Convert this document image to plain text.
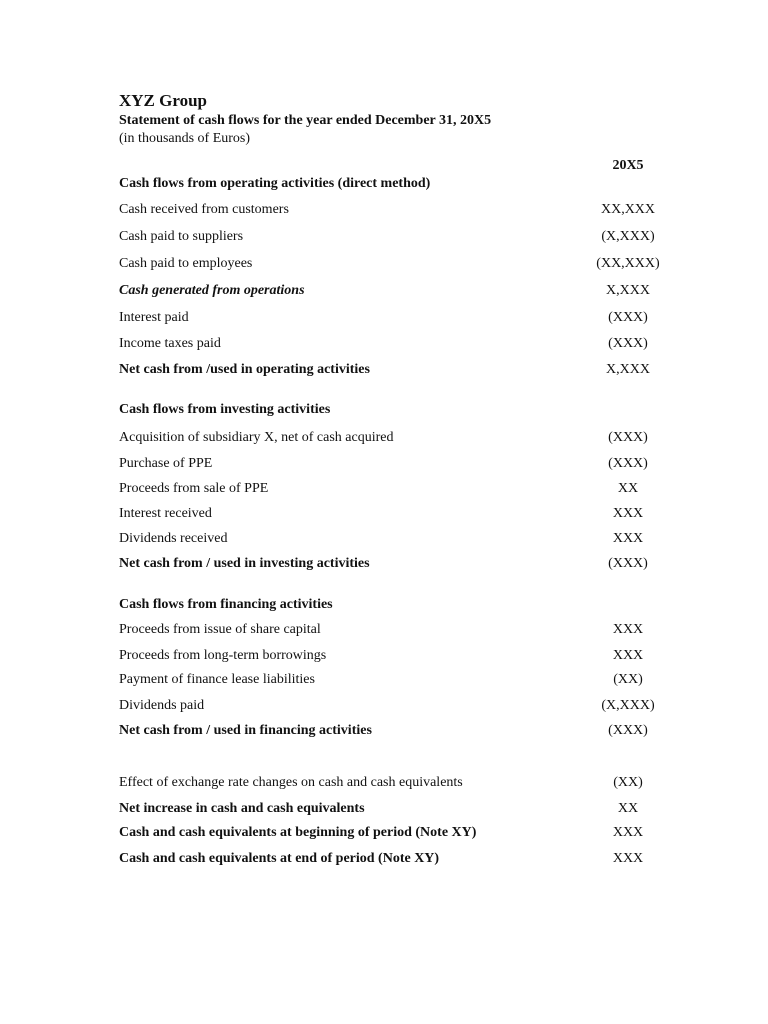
XYZ Group
Statement of cash flows for the year ended December 31, 20X5
(in thousands of Euros)
20X5
Cash flows from operating activities (direct method)
Cash received from customers	XX,XXX
Cash paid to suppliers	(X,XXX)
Cash paid to employees	(XX,XXX)
Cash generated from operations	X,XXX
Interest paid	(XXX)
Income taxes paid	(XXX)
Net cash from /used in operating activities	X,XXX
Cash flows from investing activities
Acquisition of subsidiary X, net of cash acquired	(XXX)
Purchase of PPE	(XXX)
Proceeds from sale of PPE	XX
Interest received	XXX
Dividends received	XXX
Net cash from / used in investing activities	(XXX)
Cash flows from financing activities
Proceeds from issue of share capital	XXX
Proceeds from long-term borrowings	XXX
Payment of finance lease liabilities	(XX)
Dividends paid	(X,XXX)
Net cash from / used in financing activities	(XXX)
Effect of exchange rate changes on cash and cash equivalents	(XX)
Net increase in cash and cash equivalents	XX
Cash and cash equivalents at beginning of period (Note XY)	XXX
Cash and cash equivalents at end of period (Note XY)	XXX
